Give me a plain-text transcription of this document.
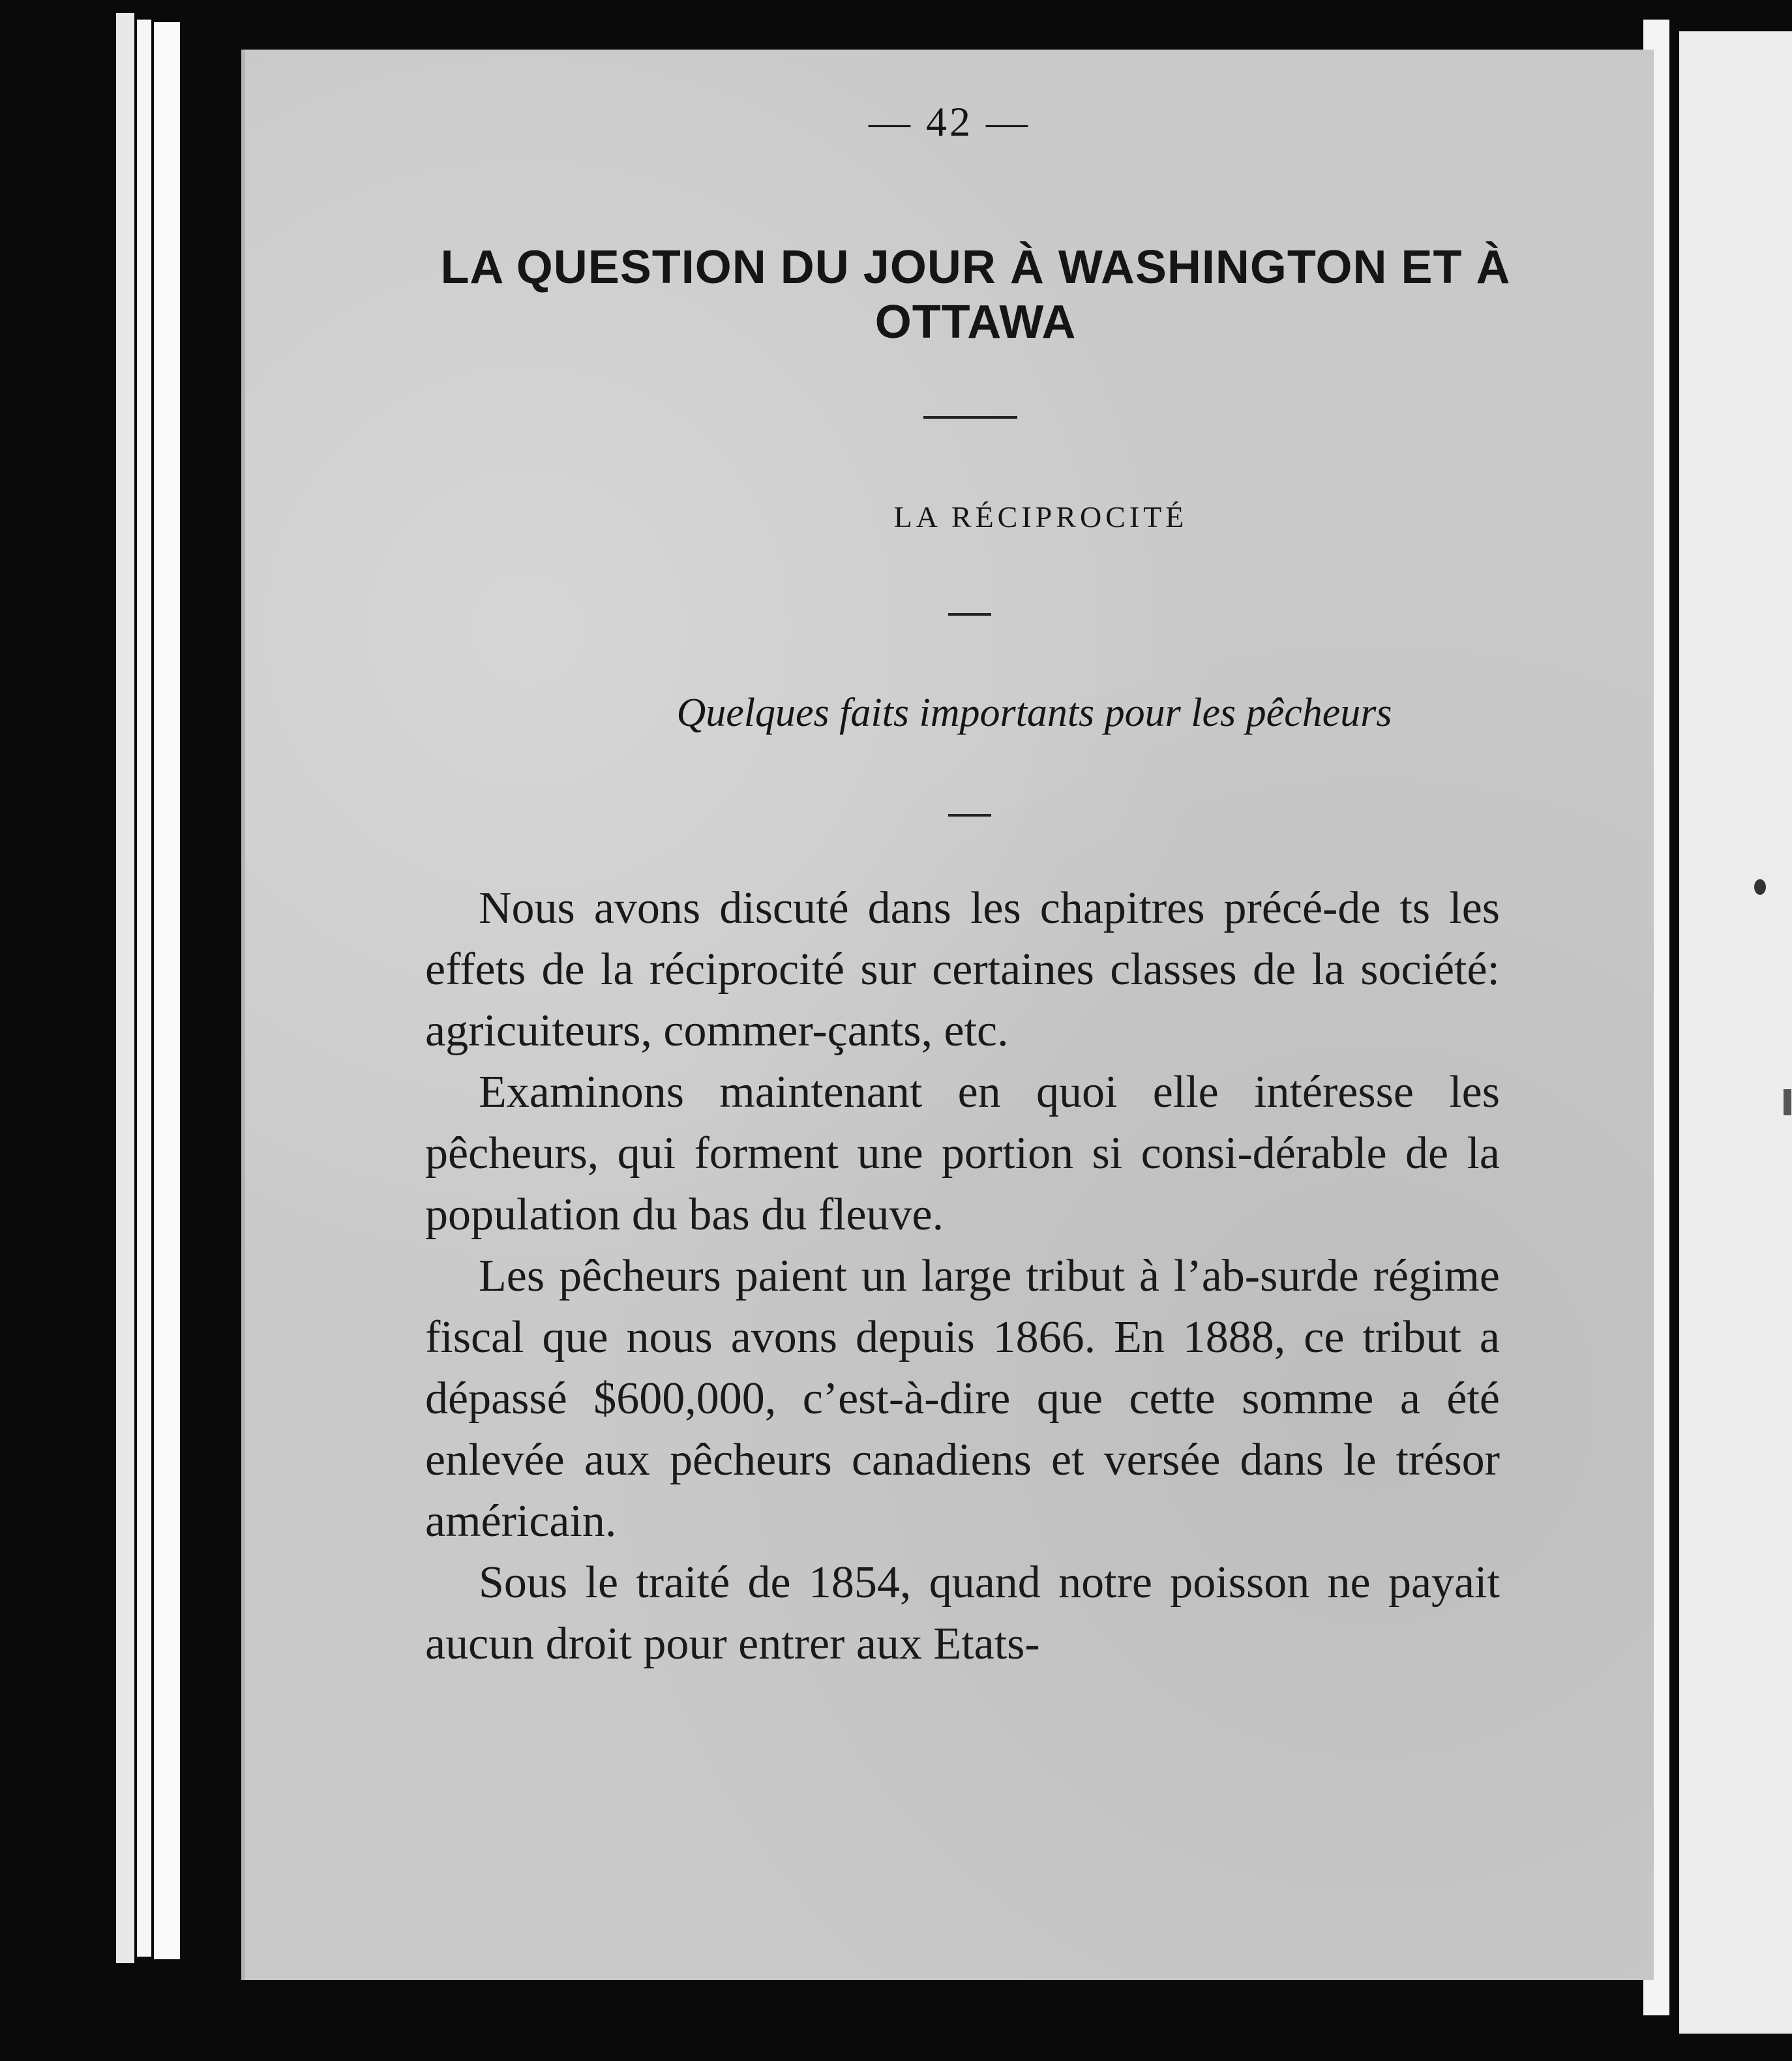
— 42 —
LA QUESTION DU JOUR À WASHINGTON ET À OTTAWA
LA RÉCIPROCITÉ
Quelques faits importants pour les pêcheurs

Nous avons discuté dans les chapitres précé-de ts les effets de la réciprocité sur certaines classes de la société: agricuiteurs, commer-çants, etc.

Examinons maintenant en quoi elle intéresse les pêcheurs, qui forment une portion si consi-dérable de la population du bas du fleuve.

Les pêcheurs paient un large tribut à l’ab-surde régime fiscal que nous avons depuis 1866. En 1888, ce tribut a dépassé $600,000, c’est-à-dire que cette somme a été enlevée aux pêcheurs canadiens et versée dans le trésor américain.

Sous le traité de 1854, quand notre poisson ne payait aucun droit pour entrer aux Etats-
